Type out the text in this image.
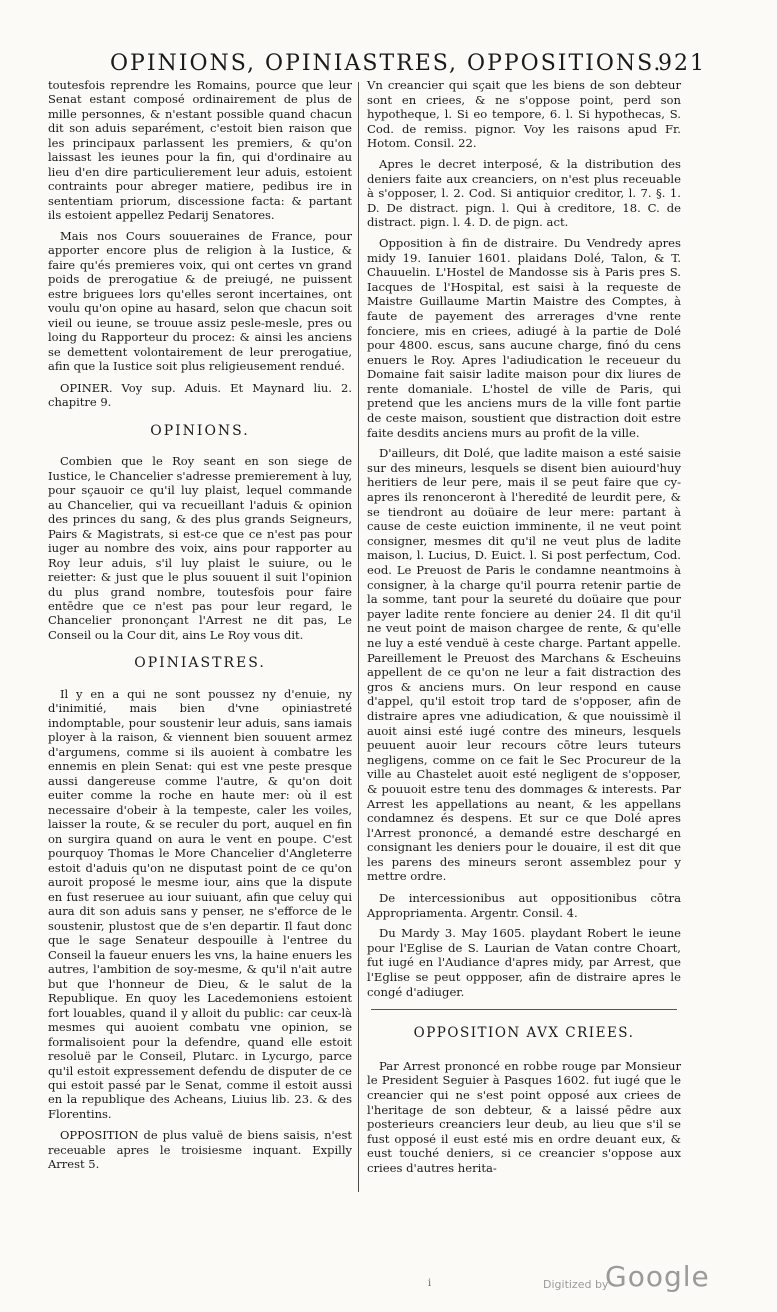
OPINIONS, OPINIASTRES, OPPOSITIONS.
921

toutesfois reprendre les Romains, pource que leur Senat estant composé ordinairement de plus de mille personnes, & n'estant possible quand chacun dit son aduis separément, c'estoit bien raison que les principaux parlassent les premiers, & qu'on laissast les ieunes pour la fin, qui d'ordinaire au lieu d'en dire particulierement leur aduis, estoient contraints pour abreger matiere, pedibus ire in sententiam priorum, discessione facta: & partant ils estoient appellez Pedarij Senatores.

Mais nos Cours souueraines de France, pour apporter encore plus de religion à la Iustice, & faire qu'és premieres voix, qui ont certes vn grand poids de prerogatiue & de preiugé, ne puissent estre briguees lors qu'elles seront incertaines, ont voulu qu'on opine au hasard, selon que chacun soit vieil ou ieune, se trouue assiz pesle-mesle, pres ou loing du Rapporteur du procez: & ainsi les anciens se demettent volontairement de leur prerogatiue, afin que la Iustice soit plus religieusement rendué.

OPINER. Voy sup. Aduis. Et Maynard liu. 2. chapitre 9.

OPINIONS.

Combien que le Roy seant en son siege de Iustice, le Chancelier s'adresse premierement à luy, pour sçauoir ce qu'il luy plaist, lequel commande au Chancelier, qui va recueillant l'aduis & opinion des princes du sang, & des plus grands Seigneurs, Pairs & Magistrats, si est-ce que ce n'est pas pour iuger au nombre des voix, ains pour rapporter au Roy leur aduis, s'il luy plaist le suiure, ou le reietter: & just que le plus souuent il suit l'opinion du plus grand nombre, toutesfois pour faire entēdre que ce n'est pas pour leur regard, le Chancelier prononçant l'Arrest ne dit pas, Le Conseil ou la Cour dit, ains Le Roy vous dit.

OPINIASTRES.

Il y en a qui ne sont poussez ny d'enuie, ny d'inimitié, mais bien d'vne opiniastreté indomptable, pour soustenir leur aduis, sans iamais ployer à la raison, & viennent bien souuent armez d'argumens, comme si ils auoient à combatre les ennemis en plein Senat: qui est vne peste presque aussi dangereuse comme l'autre, & qu'on doit euiter comme la roche en haute mer: où il est necessaire d'obeir à la tempeste, caler les voiles, laisser la route, & se reculer du port, auquel en fin on surgira quand on aura le vent en poupe. C'est pourquoy Thomas le More Chancelier d'Angleterre estoit d'aduis qu'on ne disputast point de ce qu'on auroit proposé le mesme iour, ains que la dispute en fust reseruee au iour suiuant, afin que celuy qui aura dit son aduis sans y penser, ne s'efforce de le soustenir, plustost que de s'en departir. Il faut donc que le sage Senateur despouille à l'entree du Conseil la faueur enuers les vns, la haine enuers les autres, l'ambition de soy-mesme, & qu'il n'ait autre but que l'honneur de Dieu, & le salut de la Republique. En quoy les Lacedemoniens estoient fort louables, quand il y alloit du public: car ceux-là mesmes qui auoient combatu vne opinion, se formalisoient pour la defendre, quand elle estoit resoluë par le Conseil, Plutarc. in Lycurgo, parce qu'il estoit expressement defendu de disputer de ce qui estoit passé par le Senat, comme il estoit aussi en la republique des Acheans, Liuius lib. 23. & des Florentins.

OPPOSITION de plus valuë de biens saisis, n'est receuable apres le troisiesme inquant. Expilly Arrest 5.

Vn creancier qui sçait que les biens de son debteur sont en criees, & ne s'oppose point, perd son hypotheque, l. Si eo tempore, 6. l. Si hypothecas, S. Cod. de remiss. pignor. Voy les raisons apud Fr. Hotom. Consil. 22.

Apres le decret interposé, & la distribution des deniers faite aux creanciers, on n'est plus receuable à s'opposer, l. 2. Cod. Si antiquior creditor, l. 7. §. 1. D. De distract. pign. l. Qui à creditore, 18. C. de distract. pign. l. 4. D. de pign. act.

Opposition à fin de distraire. Du Vendredy apres midy 19. Ianuier 1601. plaidans Dolé, Talon, & T. Chauuelin. L'Hostel de Mandosse sis à Paris pres S. Iacques de l'Hospital, est saisi à la requeste de Maistre Guillaume Martin Maistre des Comptes, à faute de payement des arrerages d'vne rente fonciere, mis en criees, adiugé à la partie de Dolé pour 4800. escus, sans aucune charge, finó du cens enuers le Roy. Apres l'adiudication le receueur du Domaine fait saisir ladite maison pour dix liures de rente domaniale. L'hostel de ville de Paris, qui pretend que les anciens murs de la ville font partie de ceste maison, soustient que distraction doit estre faite desdits anciens murs au profit de la ville.

D'ailleurs, dit Dolé, que ladite maison a esté saisie sur des mineurs, lesquels se disent bien auiourd'huy heritiers de leur pere, mais il se peut faire que cy-apres ils renonceront à l'heredité de leurdit pere, & se tiendront au doüaire de leur mere: partant à cause de ceste euiction imminente, il ne veut point consigner, mesmes dit qu'il ne veut plus de ladite maison, l. Lucius, D. Euict. l. Si post perfectum, Cod. eod. Le Preuost de Paris le condamne neantmoins à consigner, à la charge qu'il pourra retenir partie de la somme, tant pour la seureté du doüaire que pour payer ladite rente fonciere au denier 24. Il dit qu'il ne veut point de maison chargee de rente, & qu'elle ne luy a esté venduë à ceste charge. Partant appelle. Pareillement le Preuost des Marchans & Escheuins appellent de ce qu'on ne leur a fait distraction des gros & anciens murs. On leur respond en cause d'appel, qu'il estoit trop tard de s'opposer, afin de distraire apres vne adiudication, & que nouissimè il auoit ainsi esté iugé contre des mineurs, lesquels peuuent auoir leur recours cōtre leurs tuteurs negligens, comme on ce fait le Sec Procureur de la ville au Chastelet auoit esté negligent de s'opposer, & pouuoit estre tenu des dommages & interests. Par Arrest les appellations au neant, & les appellans condamnez és despens. Et sur ce que Dolé apres l'Arrest prononcé, a demandé estre deschargé en consignant les deniers pour le douaire, il est dit que les parens des mineurs seront assemblez pour y mettre ordre.

De intercessionibus aut oppositionibus cōtra Appropriamenta. Argentr. Consil. 4.

Du Mardy 3. May 1605. playdant Robert le ieune pour l'Eglise de S. Laurian de Vatan contre Choart, fut iugé en l'Audiance d'apres midy, par Arrest, que l'Eglise se peut oppposer, afin de distraire apres le congé d'adiuger.

OPPOSITION AVX CRIEES.

Par Arrest prononcé en robbe rouge par Monsieur le President Seguier à Pasques 1602. fut iugé que le creancier qui ne s'est point opposé aux criees de l'heritage de son debteur, & a laissé pēdre aux posterieurs creanciers leur deub, au lieu que s'il se fust opposé il eust esté mis en ordre deuant eux, & eust touché deniers, si ce creancier s'oppose aux criees d'autres herita-

i	Digitized by
Google
